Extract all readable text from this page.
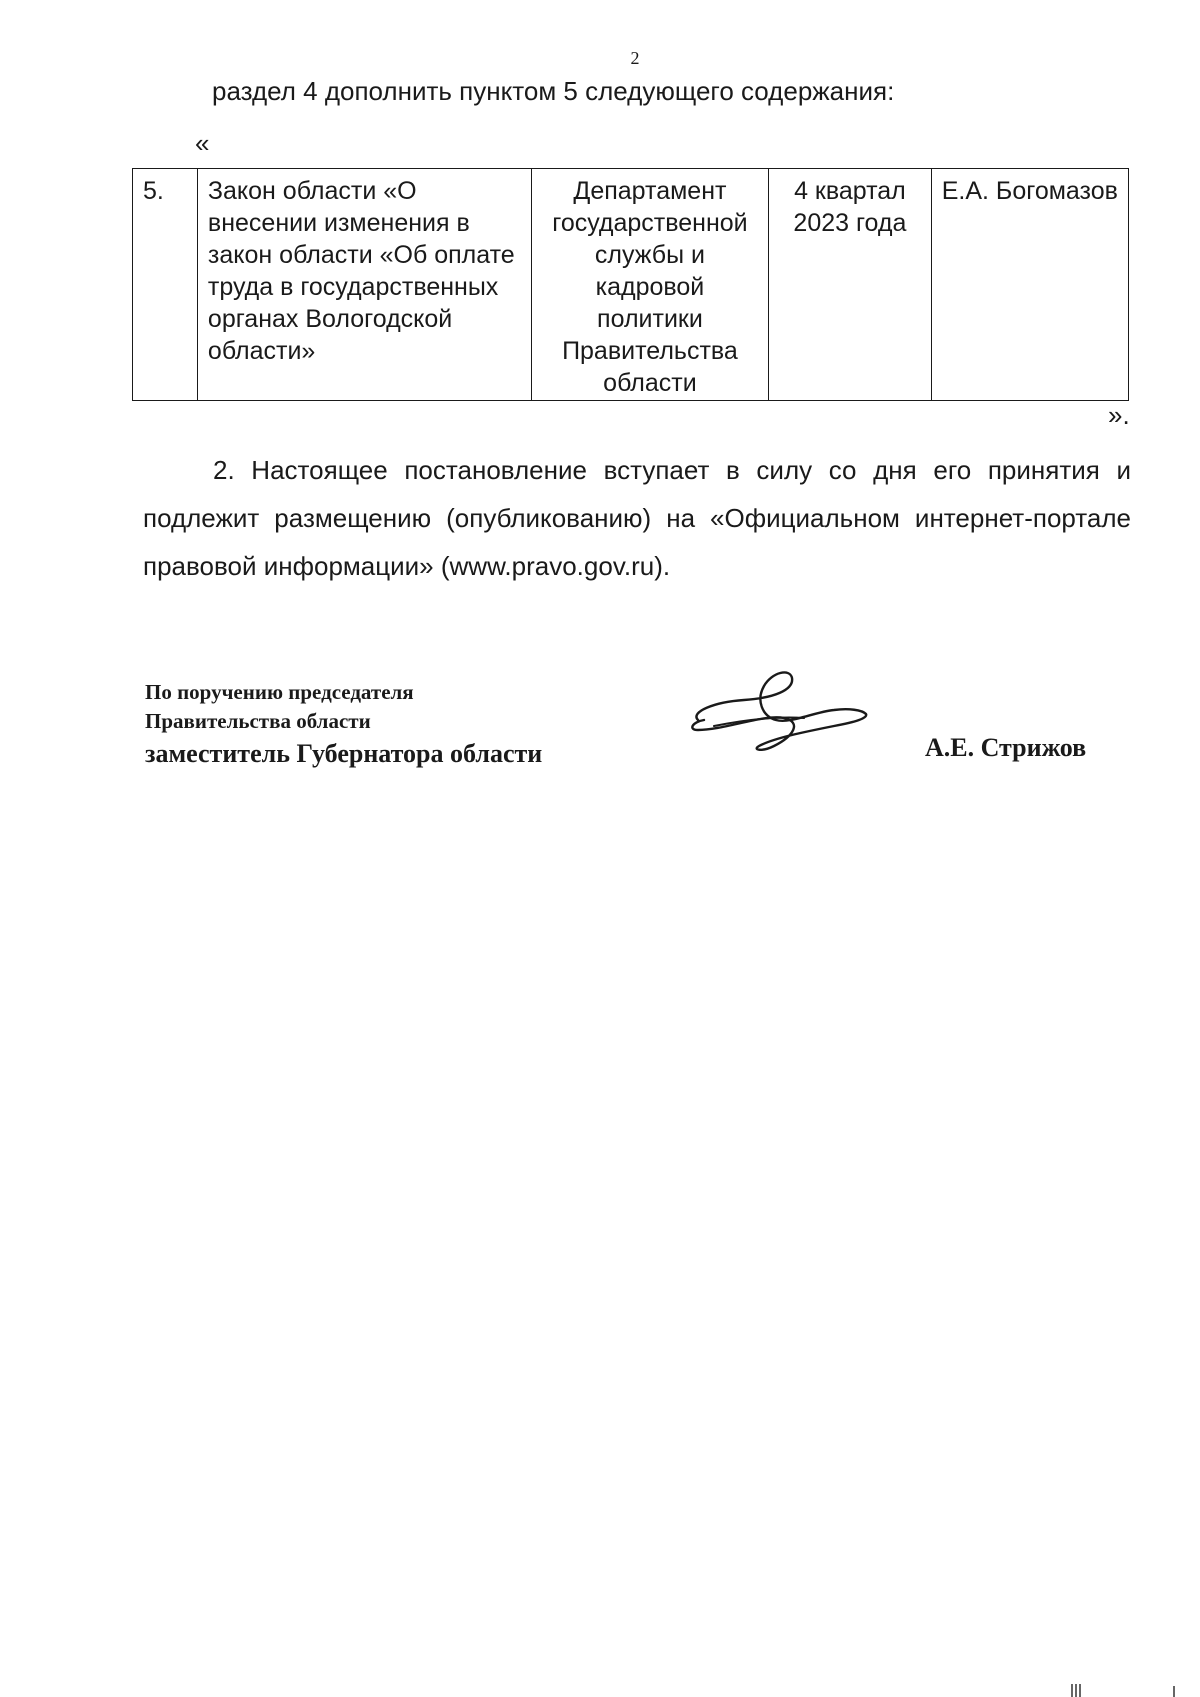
2
раздел 4 дополнить пунктом 5 следующего содержания:
«
5.	Закон области «О внесении изменения в закон области «Об оплате труда в государственных органах Вологодской области»	Департамент государственной службы и кадровой политики Правительства области	4 квартал 2023 года	Е.А. Богомазов
».
2. Настоящее постановление вступает в силу со дня его принятия и подлежит размещению (опубликованию) на «Официальном интернет-портале правовой информации» (www.pravo.gov.ru).
По поручению председателя
Правительства области
заместитель Губернатора области	А.Е. Стрижов
